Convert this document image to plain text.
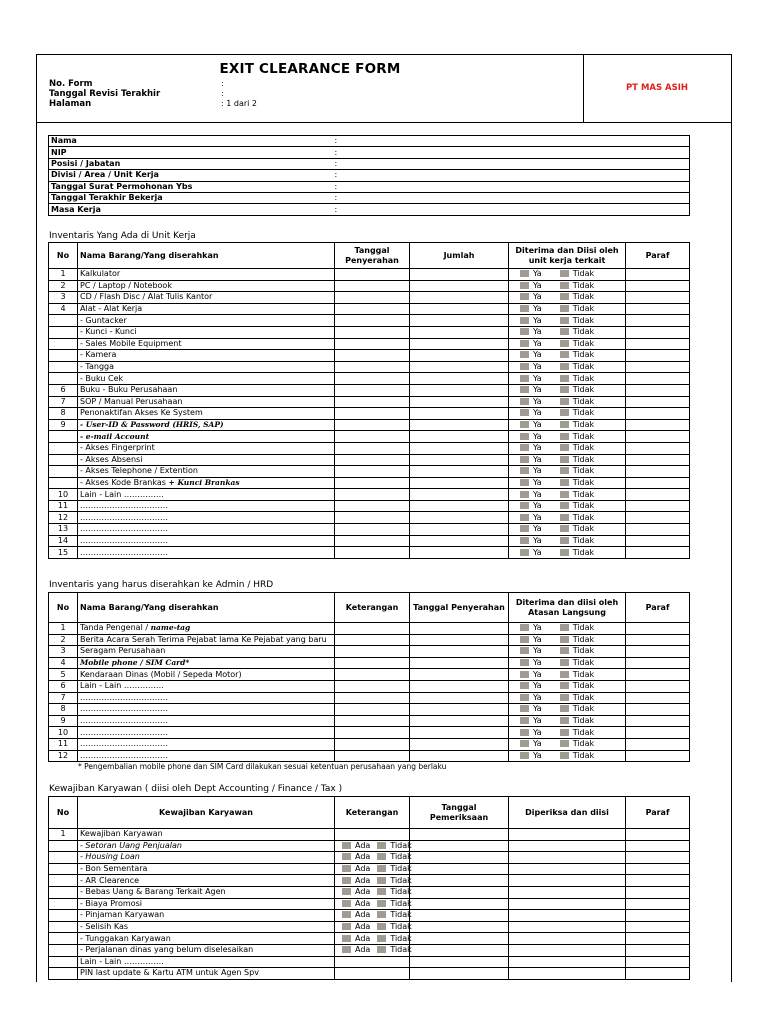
EXIT CLEARANCE FORM
No. Form
Tanggal Revisi Terakhir
Halaman
:
:
: 1 dari 2
PT MAS ASIH
Nama	:
NIP	:
Posisi / Jabatan	:
Divisi / Area / Unit Kerja	:
Tanggal Surat Permohonan Ybs	:
Tanggal Terakhir Bekerja	:
Masa Kerja	:
Inventaris Yang Ada di Unit Kerja
No	Nama Barang/Yang diserahkan	Tanggal Penyerahan	Jumlah	Diterima dan Diisi oleh unit kerja terkait	Paraf
1	Kalkulator			Ya Tidak	
2	PC / Laptop / Notebook			Ya Tidak	
3	CD / Flash Disc / Alat Tulis Kantor			Ya Tidak	
4	Alat - Alat Kerja			Ya Tidak	
	- Guntacker			Ya Tidak	
	- Kunci - Kunci			Ya Tidak	
	- Sales Mobile Equipment			Ya Tidak	
	- Kamera			Ya Tidak	
	- Tangga			Ya Tidak	
	- Buku Cek			Ya Tidak	
6	Buku - Buku Perusahaan			Ya Tidak	
7	SOP / Manual Perusahaan			Ya Tidak	
8	Penonaktifan Akses Ke System			Ya Tidak	
9	- User-ID & Password (HRIS, SAP)			Ya Tidak	
	- e-mail Account			Ya Tidak	
	- Akses Fingerprint			Ya Tidak	
	- Akses Absensi			Ya Tidak	
	- Akses Telephone / Extention			Ya Tidak	
	- Akses Kode Brankas + Kunci Brankas			Ya Tidak	
10	Lain - Lain ……………			Ya Tidak	
11	……………………………			Ya Tidak	
12	……………………………			Ya Tidak	
13	……………………………			Ya Tidak	
14	……………………………			Ya Tidak	
15	……………………………			Ya Tidak	
Inventaris yang harus diserahkan ke Admin / HRD
No	Nama Barang/Yang diserahkan	Keterangan	Tanggal Penyerahan	Diterima dan diisi oleh Atasan Langsung	Paraf
1	Tanda Pengenal / name-tag			Ya Tidak	
2	Berita Acara Serah Terima Pejabat lama Ke Pejabat yang baru			Ya Tidak	
3	Seragam Perusahaan			Ya Tidak	
4	Mobile phone / SIM Card*			Ya Tidak	
5	Kendaraan Dinas (Mobil / Sepeda Motor)			Ya Tidak	
6	Lain - Lain ……………			Ya Tidak	
7	……………………………			Ya Tidak	
8	……………………………			Ya Tidak	
9	……………………………			Ya Tidak	
10	……………………………			Ya Tidak	
11	……………………………			Ya Tidak	
12	……………………………			Ya Tidak	
* Pengembalian mobile phone dan SIM Card dilakukan sesuai ketentuan perusahaan yang berlaku
Kewajiban Karyawan ( diisi oleh Dept Accounting / Finance / Tax )
No	Kewajiban Karyawan	Keterangan	Tanggal Pemeriksaan	Diperiksa dan diisi	Paraf
1	Kewajiban Karyawan				
	- Setoran Uang Penjualan	Ada Tidak			
	- Housing Loan	Ada Tidak			
	- Bon Sementara	Ada Tidak			
	- AR Clearence	Ada Tidak			
	- Bebas Uang & Barang Terkait Agen	Ada Tidak			
	- Biaya Promosi	Ada Tidak			
	- Pinjaman Karyawan	Ada Tidak			
	- Selisih Kas	Ada Tidak			
	- Tunggakan Karyawan	Ada Tidak			
	- Perjalanan dinas yang belum diselesaikan	Ada Tidak			
	Lain - Lain ……………				
	PIN last update & Kartu ATM untuk Agen Spv				
